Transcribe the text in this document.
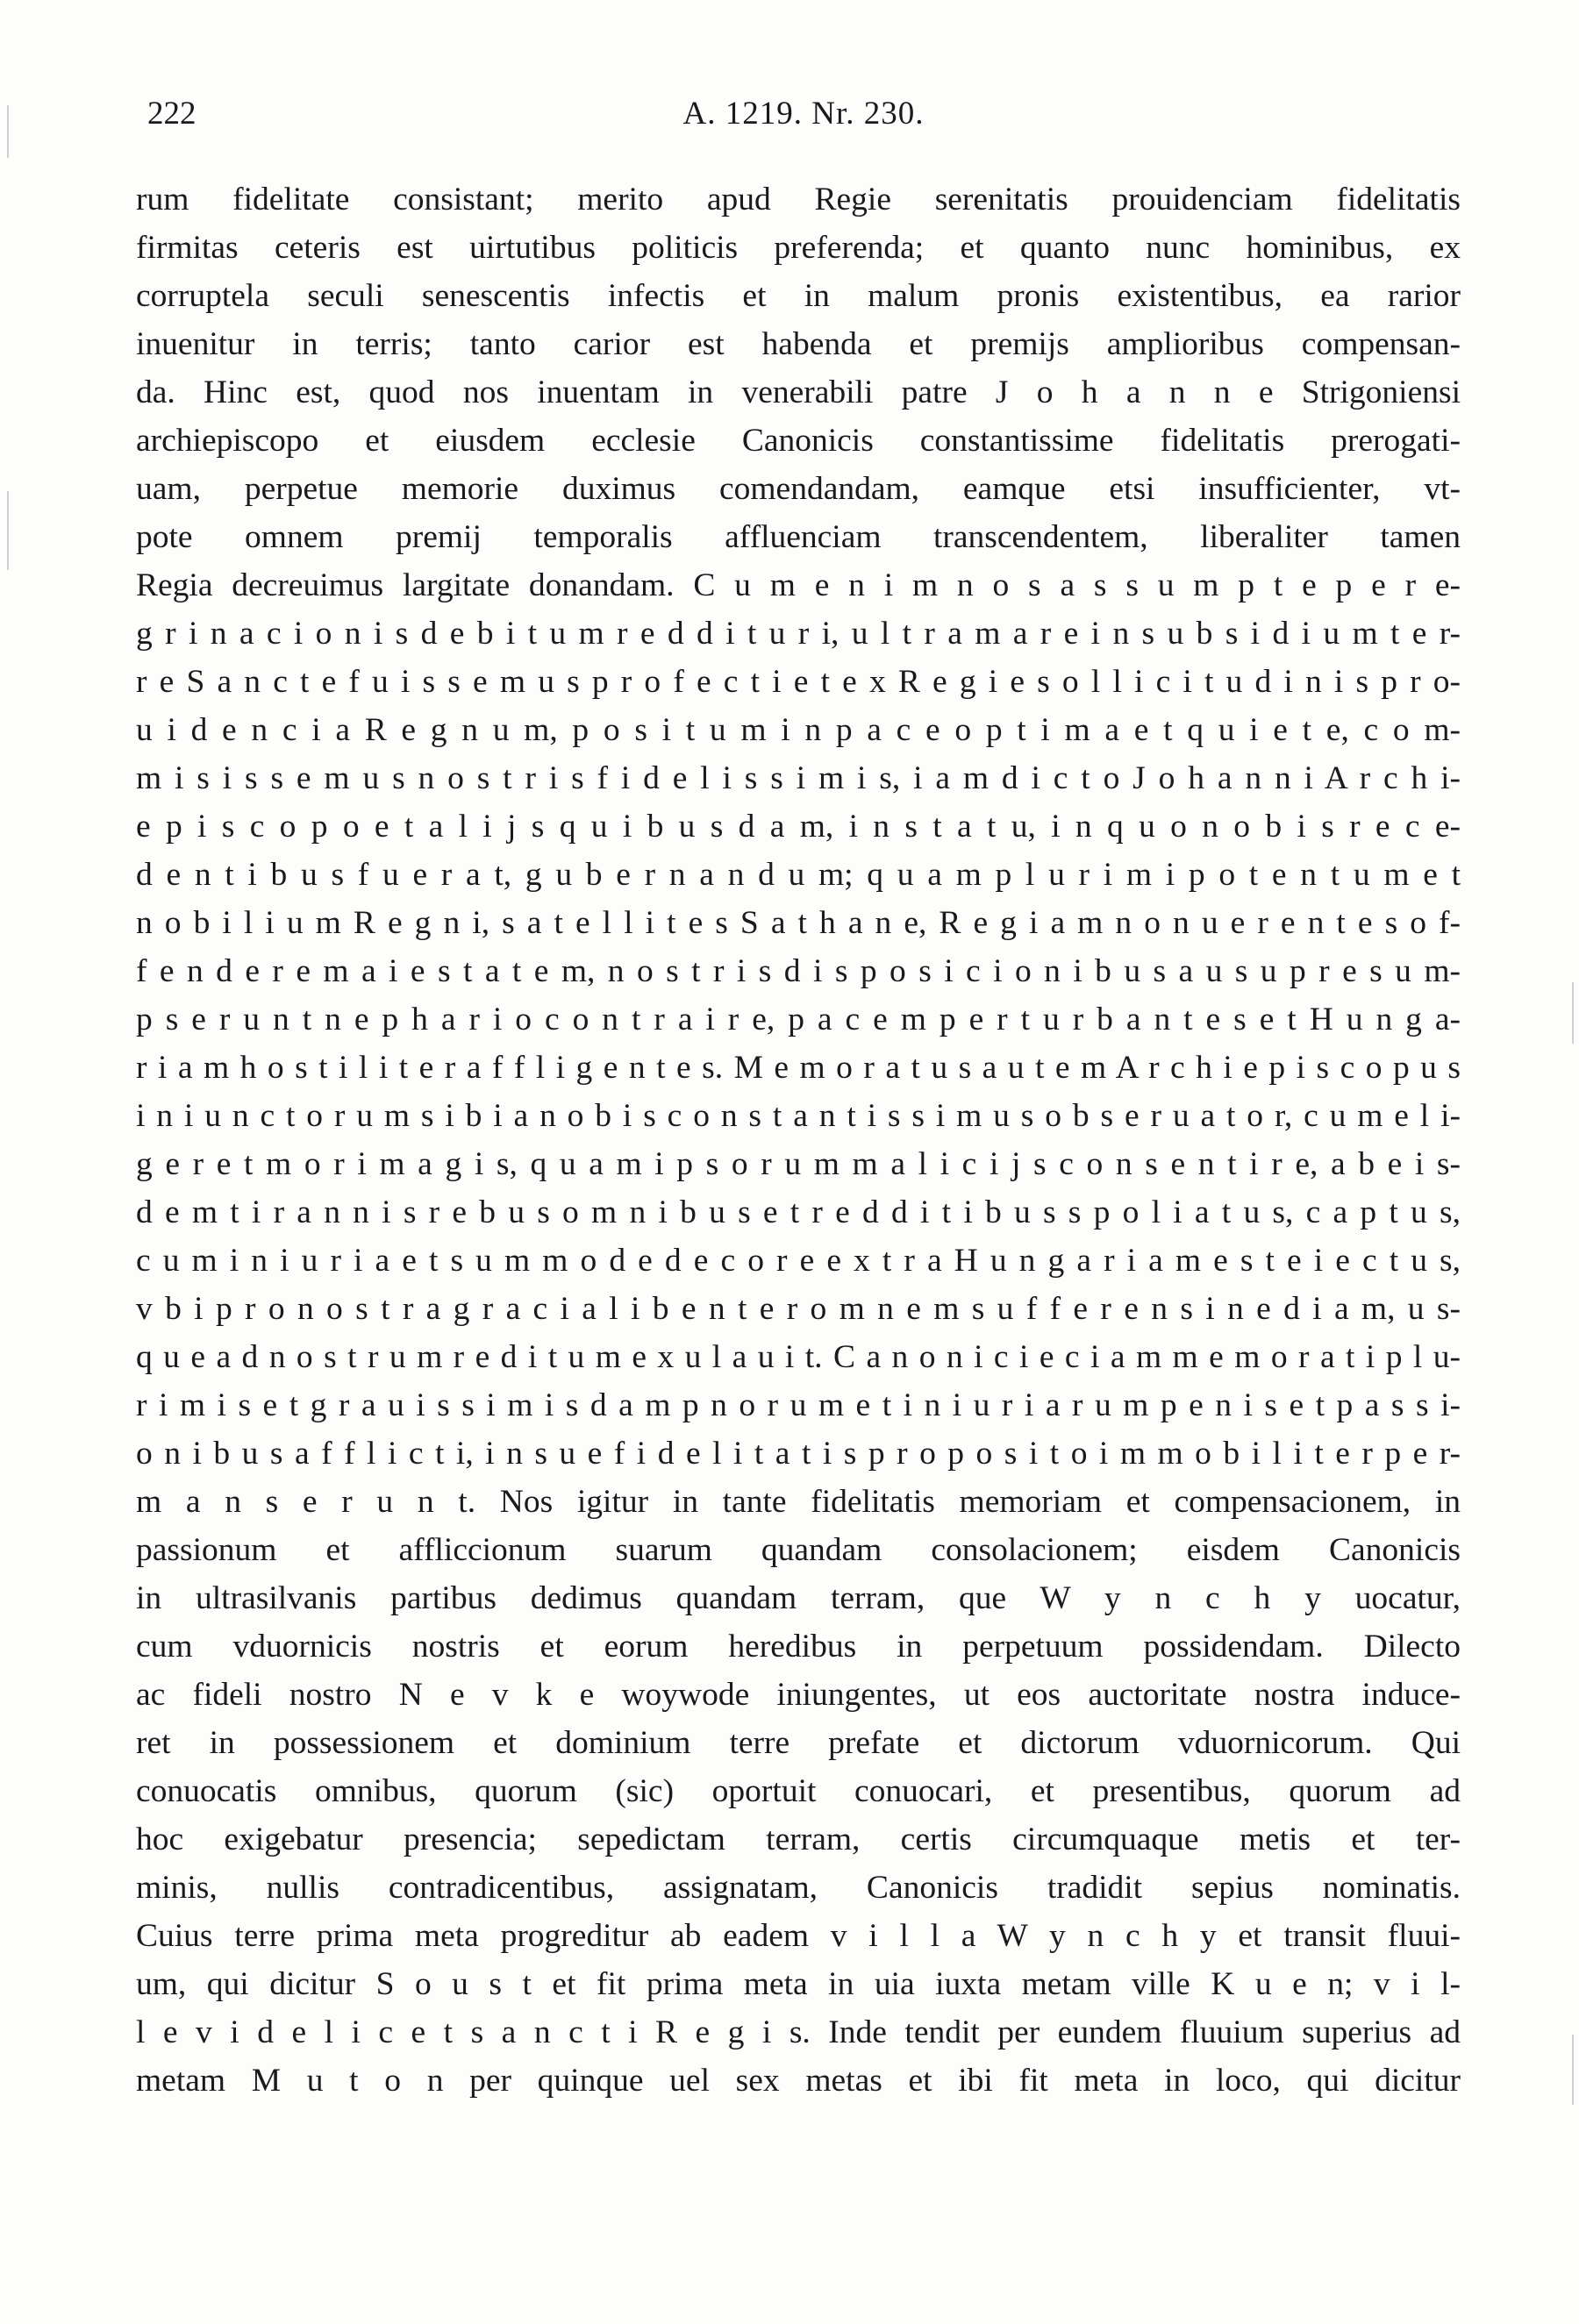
222	A. 1219. Nr. 230.
rum fidelitate consistant; merito apud Regie serenitatis prouidenciam fidelitatis
firmitas ceteris est uirtutibus politicis preferenda; et quanto nunc hominibus, ex
corruptela seculi senescentis infectis et in malum pronis existentibus, ea rarior
inuenitur in terris; tanto carior est habenda et premijs amplioribus compensan-
da. Hinc est, quod nos inuentam in venerabili patre J o h a n n e Strigoniensi
archiepiscopo et eiusdem ecclesie Canonicis constantissime fidelitatis prerogati-
uam, perpetue memorie duximus comendandam, eamque etsi insufficienter, vt-
pote omnem premij temporalis affluenciam transcendentem, liberaliter tamen
Regia decreuimus largitate donandam. C u m e n i m n o s a s s u m p t e p e r e-
g r i n a c i o n i s d e b i t u m r e d d i t u r i, u l t r a m a r e i n s u b s i d i u m t e r-
r e S a n c t e f u i s s e m u s p r o f e c t i e t e x R e g i e s o l l i c i t u d i n i s p r o-
u i d e n c i a R e g n u m, p o s i t u m i n p a c e o p t i m a e t q u i e t e, c o m-
m i s i s s e m u s n o s t r i s f i d e l i s s i m i s, i a m d i c t o J o h a n n i A r c h i-
e p i s c o p o e t a l i j s q u i b u s d a m, i n s t a t u, i n q u o n o b i s r e c e-
d e n t i b u s f u e r a t, g u b e r n a n d u m; q u a m p l u r i m i p o t e n t u m e t
n o b i l i u m R e g n i, s a t e l l i t e s S a t h a n e, R e g i a m n o n u e r e n t e s o f-
f e n d e r e m a i e s t a t e m, n o s t r i s d i s p o s i c i o n i b u s a u s u p r e s u m-
p s e r u n t n e p h a r i o c o n t r a i r e, p a c e m p e r t u r b a n t e s e t H u n g a-
r i a m h o s t i l i t e r a f f l i g e n t e s. M e m o r a t u s a u t e m A r c h i e p i s c o p u s
i n i u n c t o r u m s i b i a n o b i s c o n s t a n t i s s i m u s o b s e r u a t o r, c u m e l i-
g e r e t m o r i m a g i s, q u a m i p s o r u m m a l i c i j s c o n s e n t i r e, a b e i s-
d e m t i r a n n i s r e b u s o m n i b u s e t r e d d i t i b u s s p o l i a t u s, c a p t u s,
c u m i n i u r i a e t s u m m o d e d e c o r e e x t r a H u n g a r i a m e s t e i e c t u s,
v b i p r o n o s t r a g r a c i a l i b e n t e r o m n e m s u f f e r e n s i n e d i a m, u s-
q u e a d n o s t r u m r e d i t u m e x u l a u i t. C a n o n i c i e c i a m m e m o r a t i p l u-
r i m i s e t g r a u i s s i m i s d a m p n o r u m e t i n i u r i a r u m p e n i s e t p a s s i-
o n i b u s a f f l i c t i, i n s u e f i d e l i t a t i s p r o p o s i t o i m m o b i l i t e r p e r-
m a n s e r u n t. Nos igitur in tante fidelitatis memoriam et compensacionem, in
passionum et affliccionum suarum quandam consolacionem; eisdem Canonicis
in ultrasilvanis partibus dedimus quandam terram, que W y n c h y uocatur,
cum vduornicis nostris et eorum heredibus in perpetuum possidendam. Dilecto
ac fideli nostro N e v k e woywode iniungentes, ut eos auctoritate nostra induce-
ret in possessionem et dominium terre prefate et dictorum vduornicorum. Qui
conuocatis omnibus, quorum (sic) oportuit conuocari, et presentibus, quorum ad
hoc exigebatur presencia; sepedictam terram, certis circumquaque metis et ter-
minis, nullis contradicentibus, assignatam, Canonicis tradidit sepius nominatis.
Cuius terre prima meta progreditur ab eadem v i l l a W y n c h y et transit fluui-
um, qui dicitur S o u s t et fit prima meta in uia iuxta metam ville K u e n; v i l-
l e v i d e l i c e t s a n c t i R e g i s. Inde tendit per eundem fluuium superius ad
metam M u t o n per quinque uel sex metas et ibi fit meta in loco, qui dicitur
